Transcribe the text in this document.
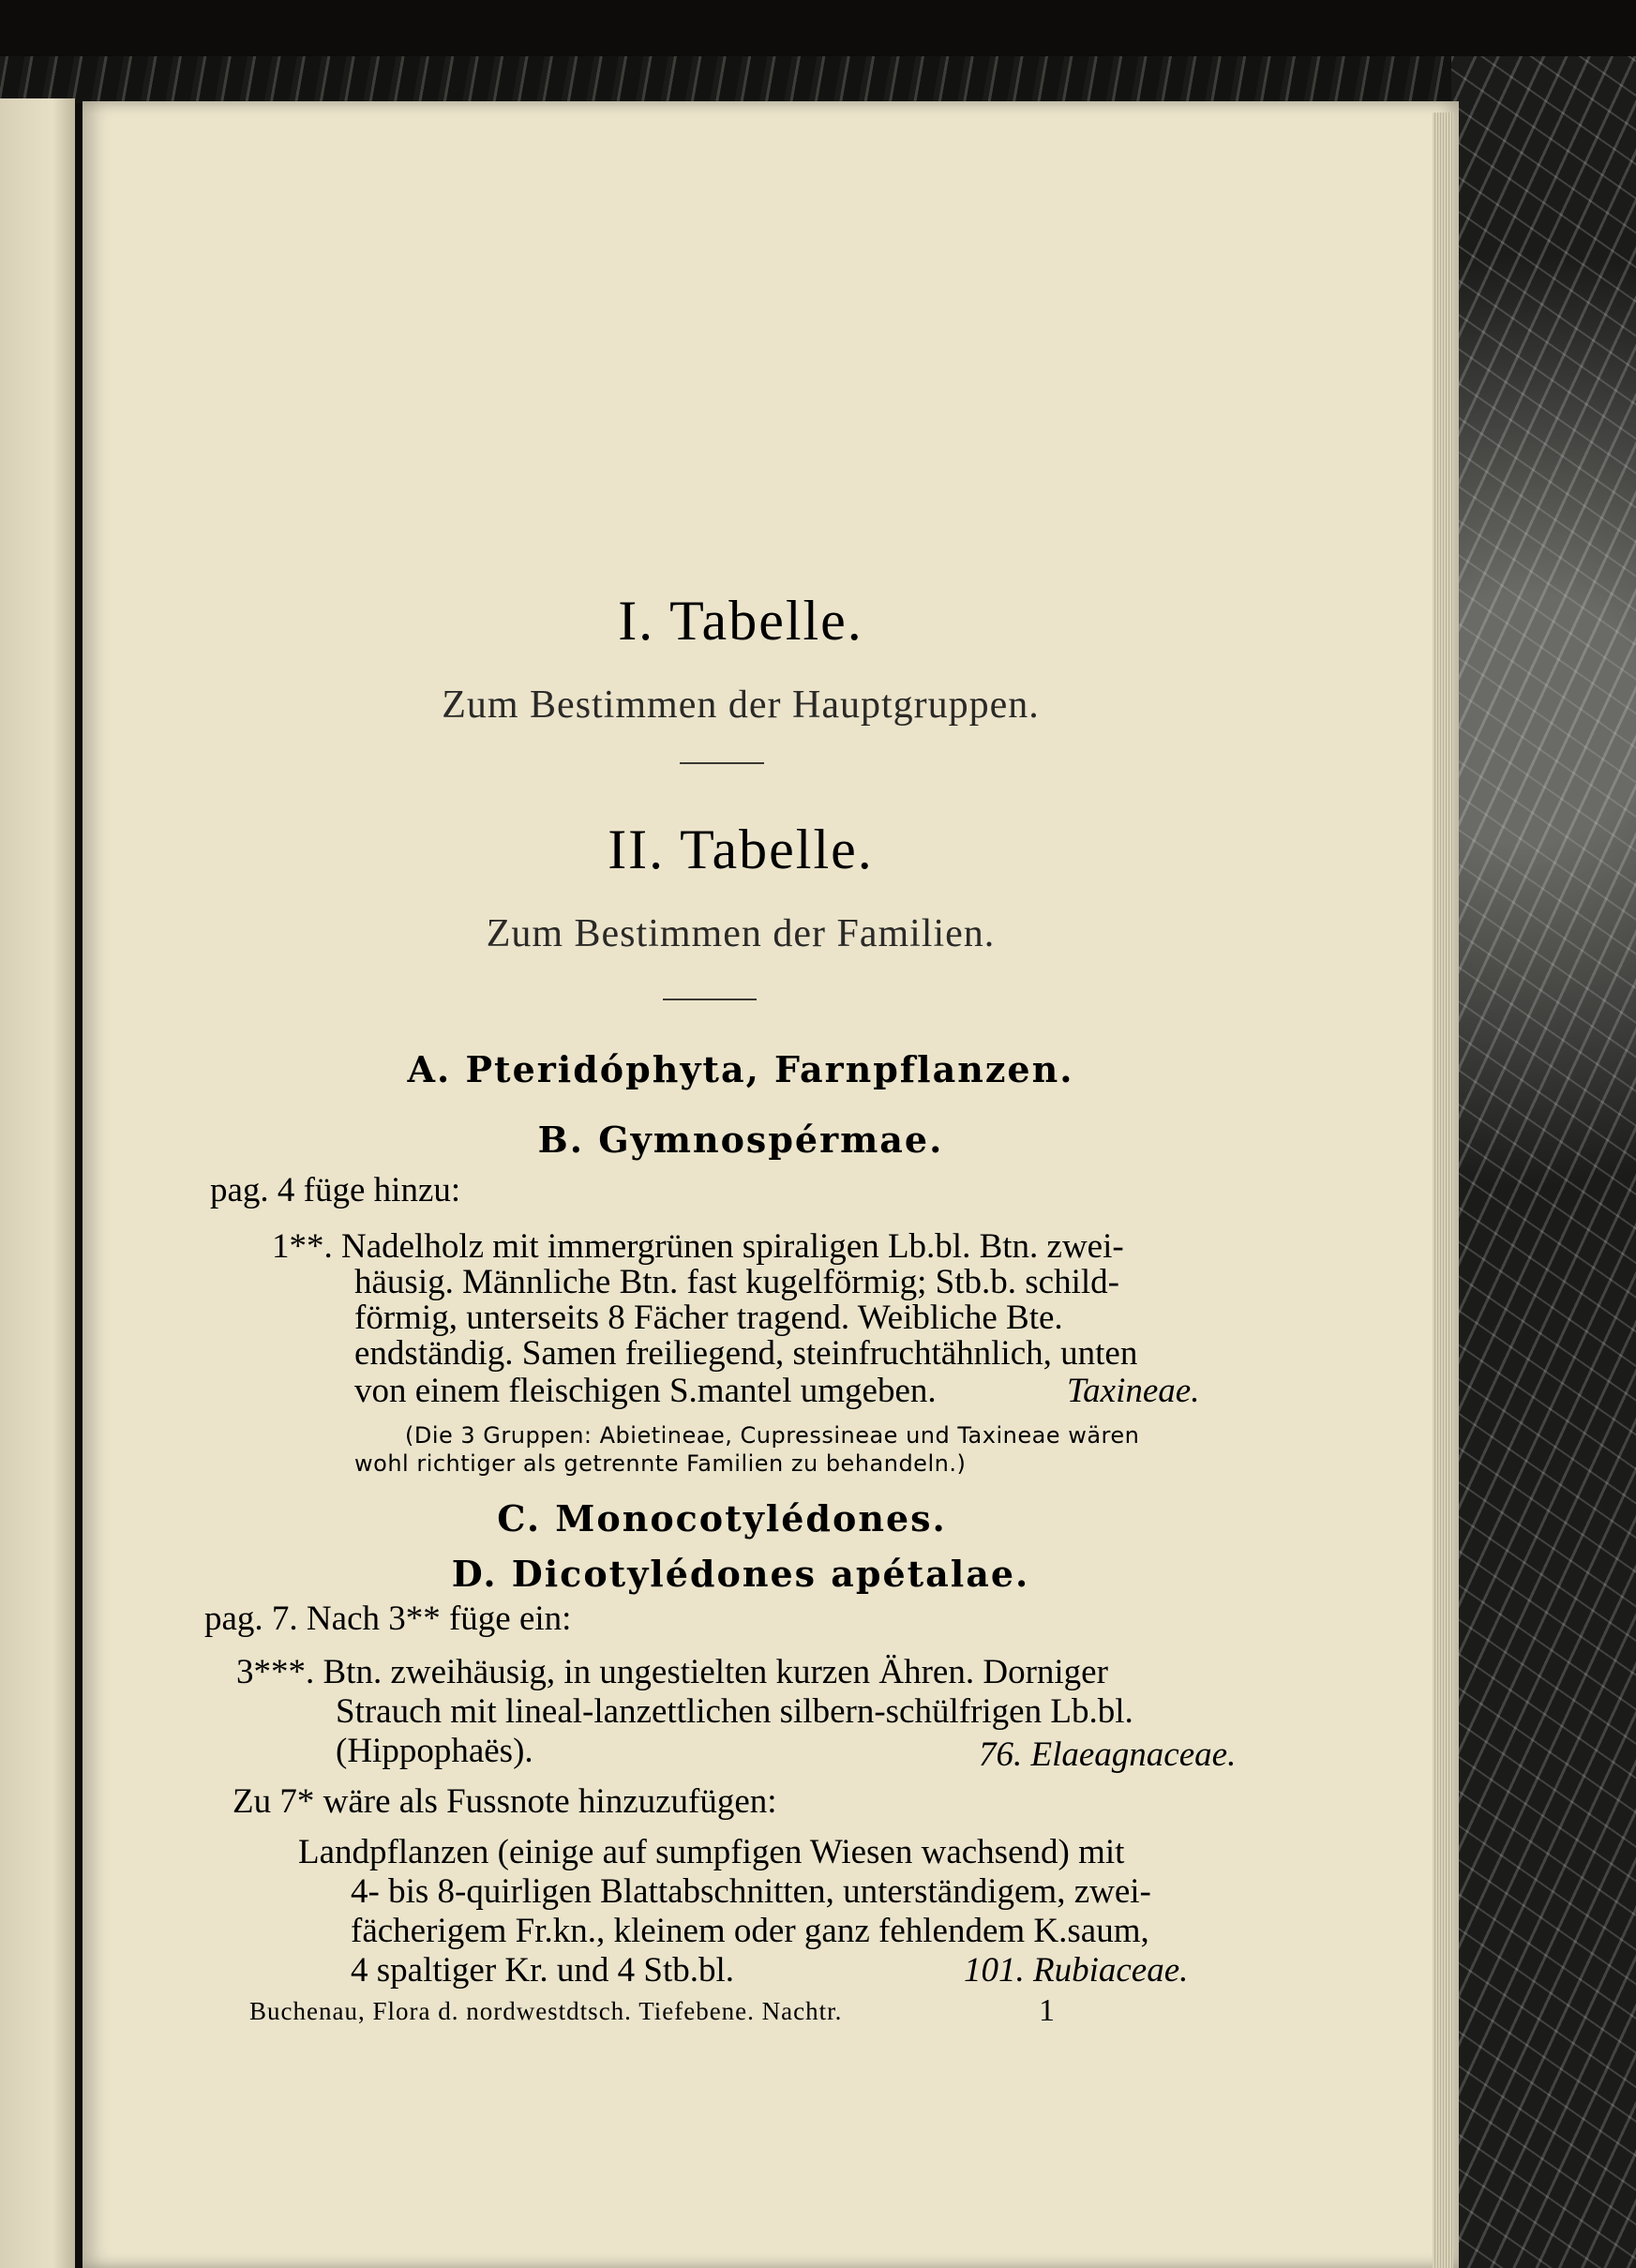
I. Tabelle.
Zum Bestimmen der Hauptgruppen.
II. Tabelle.
Zum Bestimmen der Familien.
A. Pteridóphyta, Farnpflanzen.
B. Gymnospérmae.
pag. 4 füge hinzu:
1**. Nadelholz mit immergrünen spiraligen Lb.bl. Btn. zwei-
häusig. Männliche Btn. fast kugelförmig; Stb.b. schild-
förmig, unterseits 8 Fächer tragend. Weibliche Bte.
endständig. Samen freiliegend, steinfruchtähnlich, unten
von einem fleischigen S.mantel umgeben.	Taxineae.
(Die 3 Gruppen: Abietineae, Cupressineae und Taxineae wären
wohl richtiger als getrennte Familien zu behandeln.)
C. Monocotylédones.
D. Dicotylédones apétalae.
pag. 7. Nach 3** füge ein:
3***. Btn. zweihäusig, in ungestielten kurzen Ähren. Dorniger
Strauch mit lineal-lanzettlichen silbern-schülfrigen Lb.bl.
(Hippophaës).	76. Elaeagnaceae.
Zu 7* wäre als Fussnote hinzuzufügen:
Landpflanzen (einige auf sumpfigen Wiesen wachsend) mit
4- bis 8-quirligen Blattabschnitten, unterständigem, zwei-
fächerigem Fr.kn., kleinem oder ganz fehlendem K.saum,
4 spaltiger Kr. und 4 Stb.bl.	101. Rubiaceae.
Buchenau, Flora d. nordwestdtsch. Tiefebene. Nachtr.	1
